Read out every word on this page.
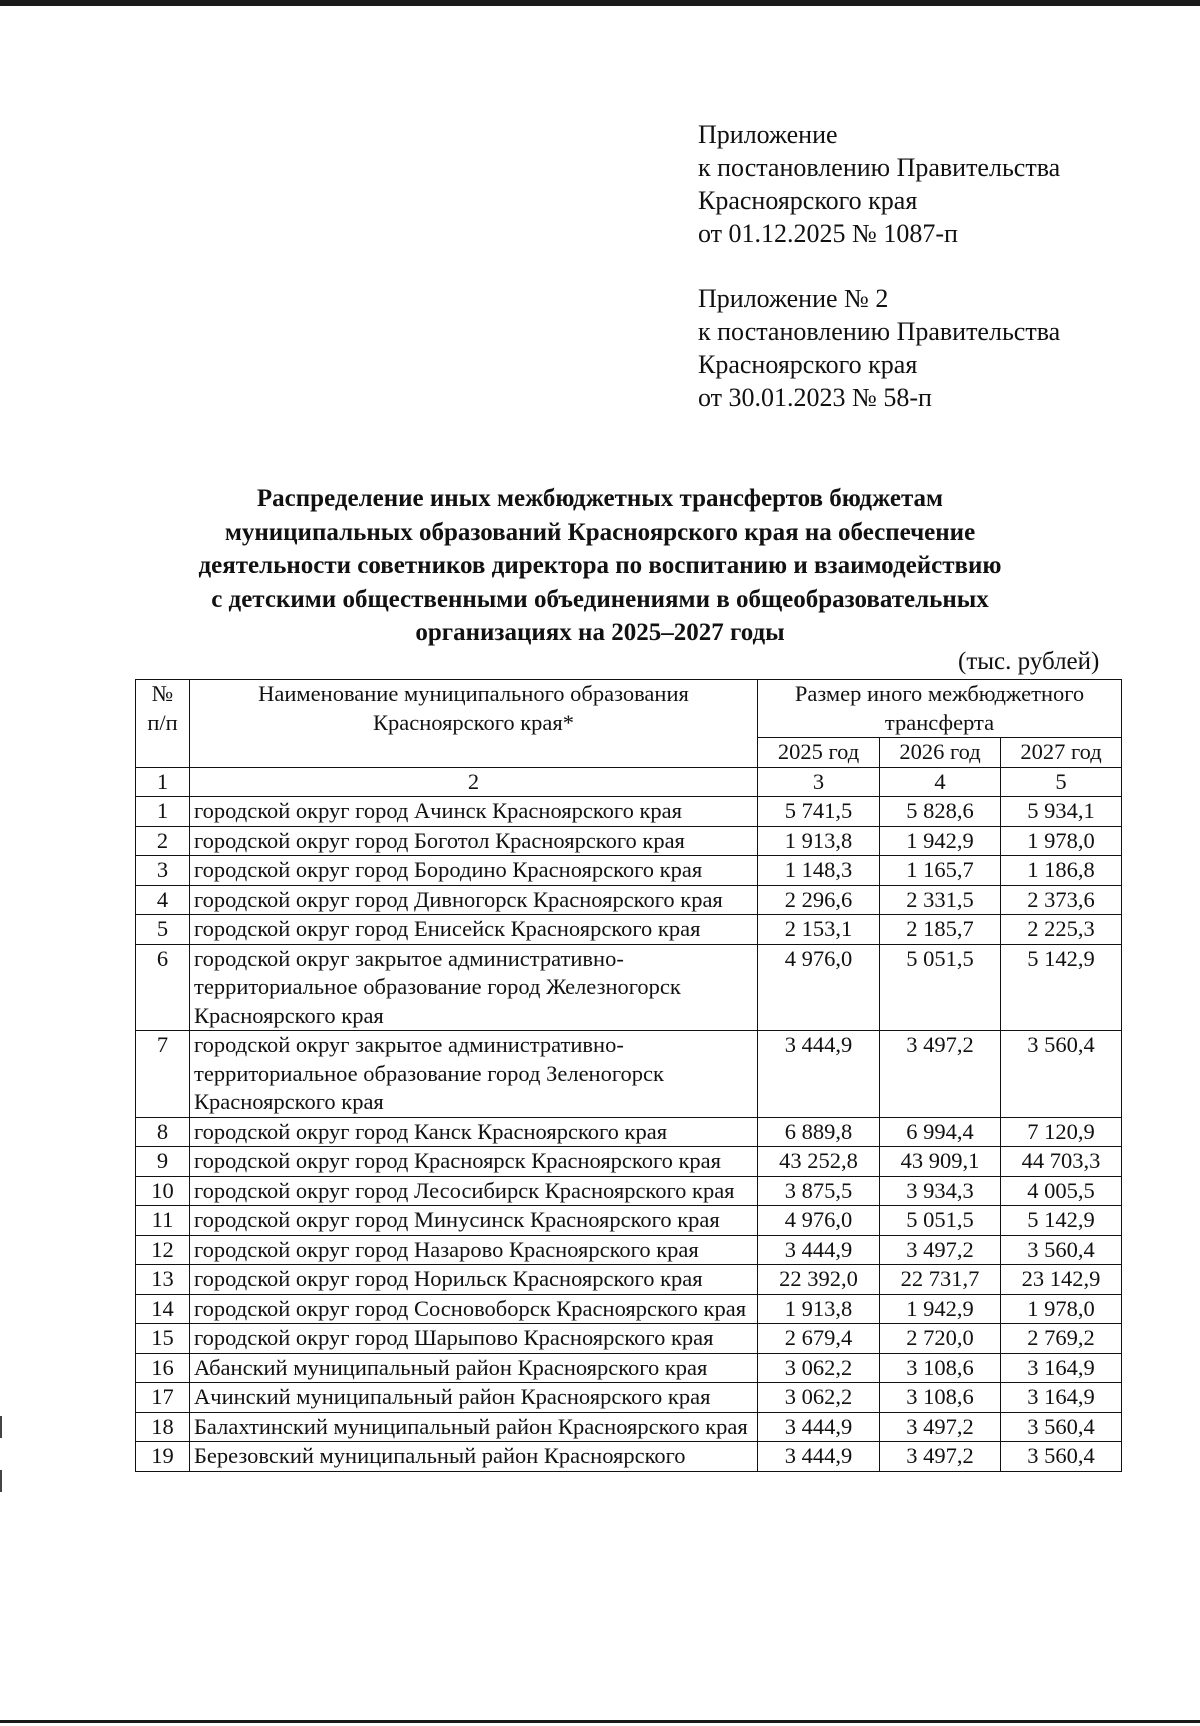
Приложение
к постановлению Правительства
Красноярского края
от 01.12.2025 № 1087-п
Приложение № 2
к постановлению Правительства
Красноярского края
от 30.01.2023 № 58-п
Распределение иных межбюджетных трансфертов бюджетам
муниципальных образований Красноярского края на обеспечение
деятельности советников директора по воспитанию и взаимодействию
с детскими общественными объединениями в общеобразовательных
организациях на 2025–2027 годы
(тыс. рублей)
№ п/п	Наименование муниципального образования Красноярского края*	Размер иного межбюджетного трансферта		
		2025 год	2026 год	2027 год
1	2	3	4	5
1	городской округ город Ачинск Красноярского края	5 741,5	5 828,6	5 934,1
2	городской округ город Боготол Красноярского края	1 913,8	1 942,9	1 978,0
3	городской округ город Бородино Красноярского края	1 148,3	1 165,7	1 186,8
4	городской округ город Дивногорск Красноярского края	2 296,6	2 331,5	2 373,6
5	городской округ город Енисейск Красноярского края	2 153,1	2 185,7	2 225,3
6	городской округ закрытое административно-территориальное образование город Железногорск Красноярского края	4 976,0	5 051,5	5 142,9
7	городской округ закрытое административно-территориальное образование город Зеленогорск Красноярского края	3 444,9	3 497,2	3 560,4
8	городской округ город Канск Красноярского края	6 889,8	6 994,4	7 120,9
9	городской округ город Красноярск Красноярского края	43 252,8	43 909,1	44 703,3
10	городской округ город Лесосибирск Красноярского края	3 875,5	3 934,3	4 005,5
11	городской округ город Минусинск Красноярского края	4 976,0	5 051,5	5 142,9
12	городской округ город Назарово Красноярского края	3 444,9	3 497,2	3 560,4
13	городской округ город Норильск Красноярского края	22 392,0	22 731,7	23 142,9
14	городской округ город Сосновоборск Красноярского края	1 913,8	1 942,9	1 978,0
15	городской округ город Шарыпово Красноярского края	2 679,4	2 720,0	2 769,2
16	Абанский муниципальный район Красноярского края	3 062,2	3 108,6	3 164,9
17	Ачинский муниципальный район Красноярского края	3 062,2	3 108,6	3 164,9
18	Балахтинский муниципальный район Красноярского края	3 444,9	3 497,2	3 560,4
19	Березовский муниципальный район Красноярского	3 444,9	3 497,2	3 560,4
